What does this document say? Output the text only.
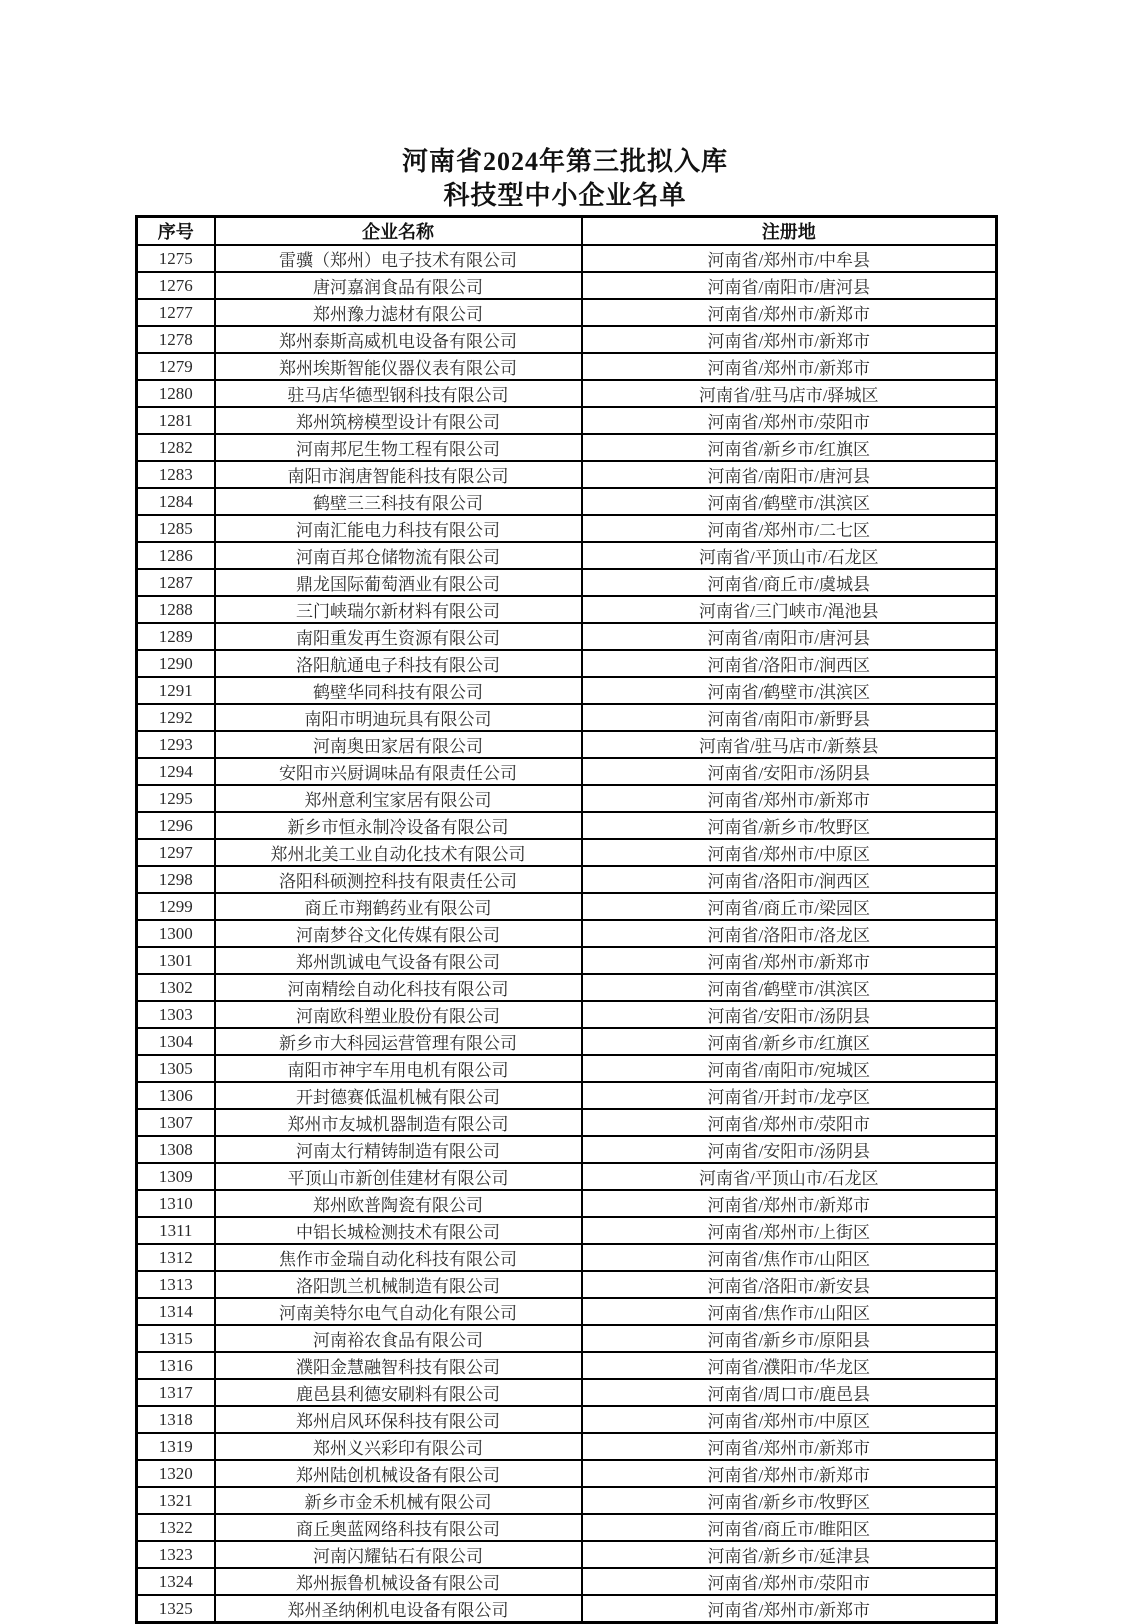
河南省2024年第三批拟入库
科技型中小企业名单
序号	企业名称	注册地
1275	雷骥（郑州）电子技术有限公司	河南省/郑州市/中牟县
1276	唐河嘉润食品有限公司	河南省/南阳市/唐河县
1277	郑州豫力滤材有限公司	河南省/郑州市/新郑市
1278	郑州泰斯高威机电设备有限公司	河南省/郑州市/新郑市
1279	郑州埃斯智能仪器仪表有限公司	河南省/郑州市/新郑市
1280	驻马店华德型钢科技有限公司	河南省/驻马店市/驿城区
1281	郑州筑榜模型设计有限公司	河南省/郑州市/荥阳市
1282	河南邦尼生物工程有限公司	河南省/新乡市/红旗区
1283	南阳市润唐智能科技有限公司	河南省/南阳市/唐河县
1284	鹤壁三三科技有限公司	河南省/鹤壁市/淇滨区
1285	河南汇能电力科技有限公司	河南省/郑州市/二七区
1286	河南百邦仓储物流有限公司	河南省/平顶山市/石龙区
1287	鼎龙国际葡萄酒业有限公司	河南省/商丘市/虞城县
1288	三门峡瑞尔新材料有限公司	河南省/三门峡市/渑池县
1289	南阳重发再生资源有限公司	河南省/南阳市/唐河县
1290	洛阳航通电子科技有限公司	河南省/洛阳市/涧西区
1291	鹤壁华同科技有限公司	河南省/鹤壁市/淇滨区
1292	南阳市明迪玩具有限公司	河南省/南阳市/新野县
1293	河南奥田家居有限公司	河南省/驻马店市/新蔡县
1294	安阳市兴厨调味品有限责任公司	河南省/安阳市/汤阴县
1295	郑州意利宝家居有限公司	河南省/郑州市/新郑市
1296	新乡市恒永制冷设备有限公司	河南省/新乡市/牧野区
1297	郑州北美工业自动化技术有限公司	河南省/郑州市/中原区
1298	洛阳科硕测控科技有限责任公司	河南省/洛阳市/涧西区
1299	商丘市翔鹤药业有限公司	河南省/商丘市/梁园区
1300	河南梦谷文化传媒有限公司	河南省/洛阳市/洛龙区
1301	郑州凯诚电气设备有限公司	河南省/郑州市/新郑市
1302	河南精绘自动化科技有限公司	河南省/鹤壁市/淇滨区
1303	河南欧科塑业股份有限公司	河南省/安阳市/汤阴县
1304	新乡市大科园运营管理有限公司	河南省/新乡市/红旗区
1305	南阳市神宇车用电机有限公司	河南省/南阳市/宛城区
1306	开封德赛低温机械有限公司	河南省/开封市/龙亭区
1307	郑州市友城机器制造有限公司	河南省/郑州市/荥阳市
1308	河南太行精铸制造有限公司	河南省/安阳市/汤阴县
1309	平顶山市新创佳建材有限公司	河南省/平顶山市/石龙区
1310	郑州欧普陶瓷有限公司	河南省/郑州市/新郑市
1311	中铝长城检测技术有限公司	河南省/郑州市/上街区
1312	焦作市金瑞自动化科技有限公司	河南省/焦作市/山阳区
1313	洛阳凯兰机械制造有限公司	河南省/洛阳市/新安县
1314	河南美特尔电气自动化有限公司	河南省/焦作市/山阳区
1315	河南裕农食品有限公司	河南省/新乡市/原阳县
1316	濮阳金慧融智科技有限公司	河南省/濮阳市/华龙区
1317	鹿邑县利德安刷料有限公司	河南省/周口市/鹿邑县
1318	郑州启风环保科技有限公司	河南省/郑州市/中原区
1319	郑州义兴彩印有限公司	河南省/郑州市/新郑市
1320	郑州陆创机械设备有限公司	河南省/郑州市/新郑市
1321	新乡市金禾机械有限公司	河南省/新乡市/牧野区
1322	商丘奥蓝网络科技有限公司	河南省/商丘市/睢阳区
1323	河南闪耀钻石有限公司	河南省/新乡市/延津县
1324	郑州振鲁机械设备有限公司	河南省/郑州市/荥阳市
1325	郑州圣纳俐机电设备有限公司	河南省/郑州市/新郑市
